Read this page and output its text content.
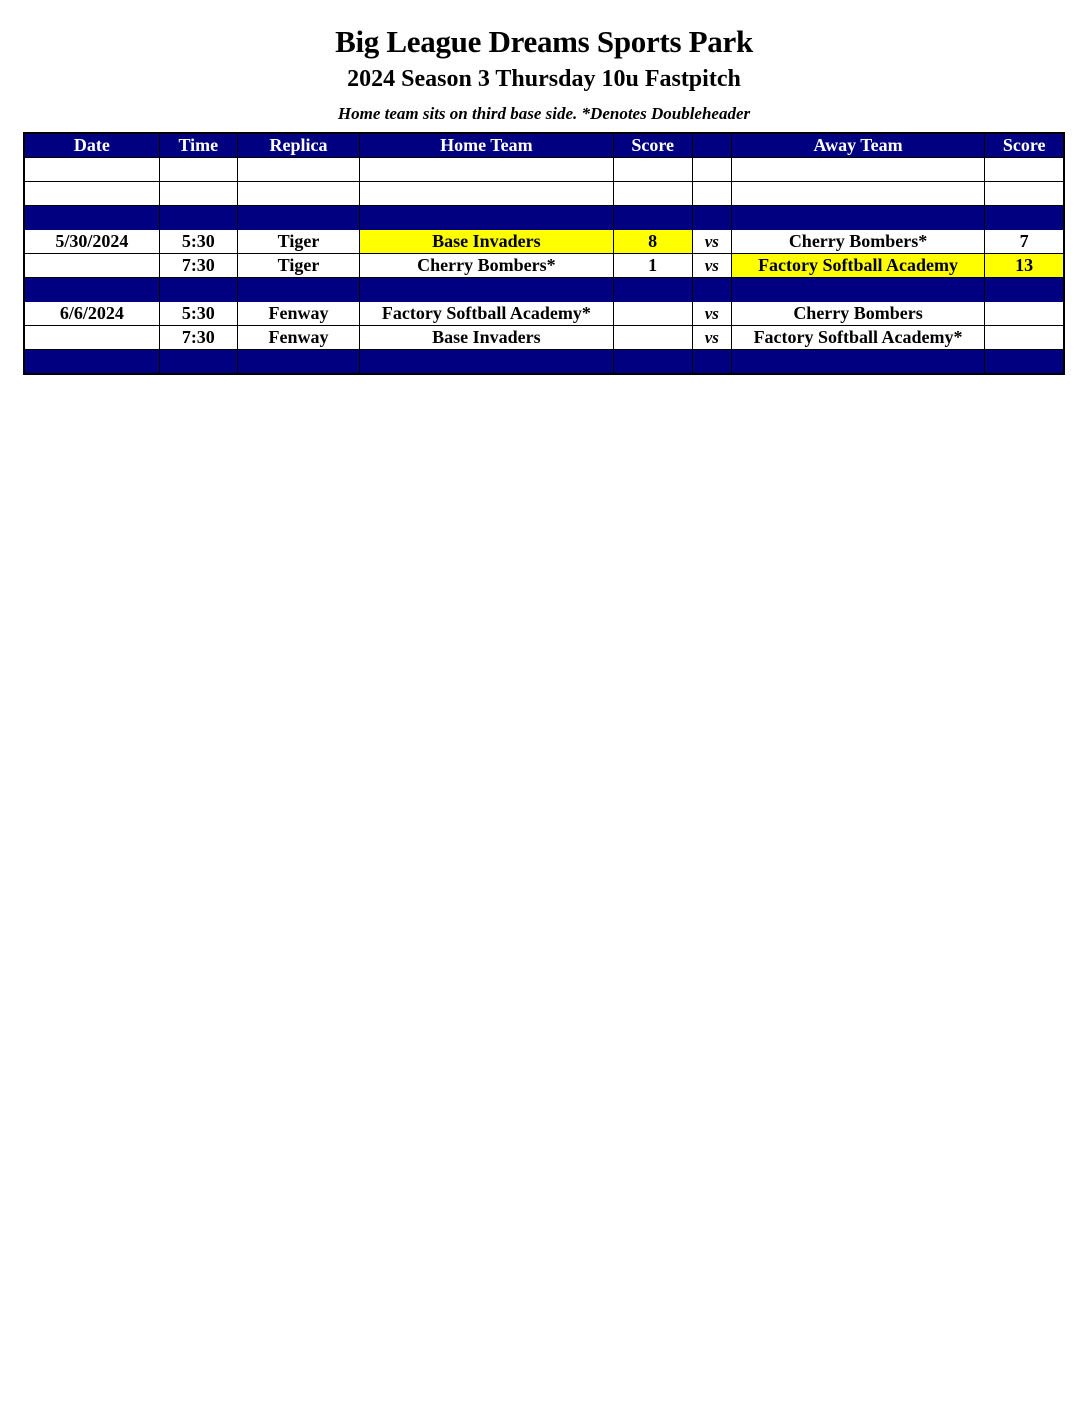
Big League Dreams Sports Park
2024 Season 3 Thursday 10u Fastpitch
Home team sits on third base side. *Denotes Doubleheader
Date	Time	Replica	Home Team	Score		Away Team	Score

5/30/2024	5:30	Tiger	Base Invaders	8	vs	Cherry Bombers*	7
	7:30	Tiger	Cherry Bombers*	1	vs	Factory Softball Academy	13

6/6/2024	5:30	Fenway	Factory Softball Academy*		vs	Cherry Bombers	
	7:30	Fenway	Base Invaders		vs	Factory Softball Academy*	
